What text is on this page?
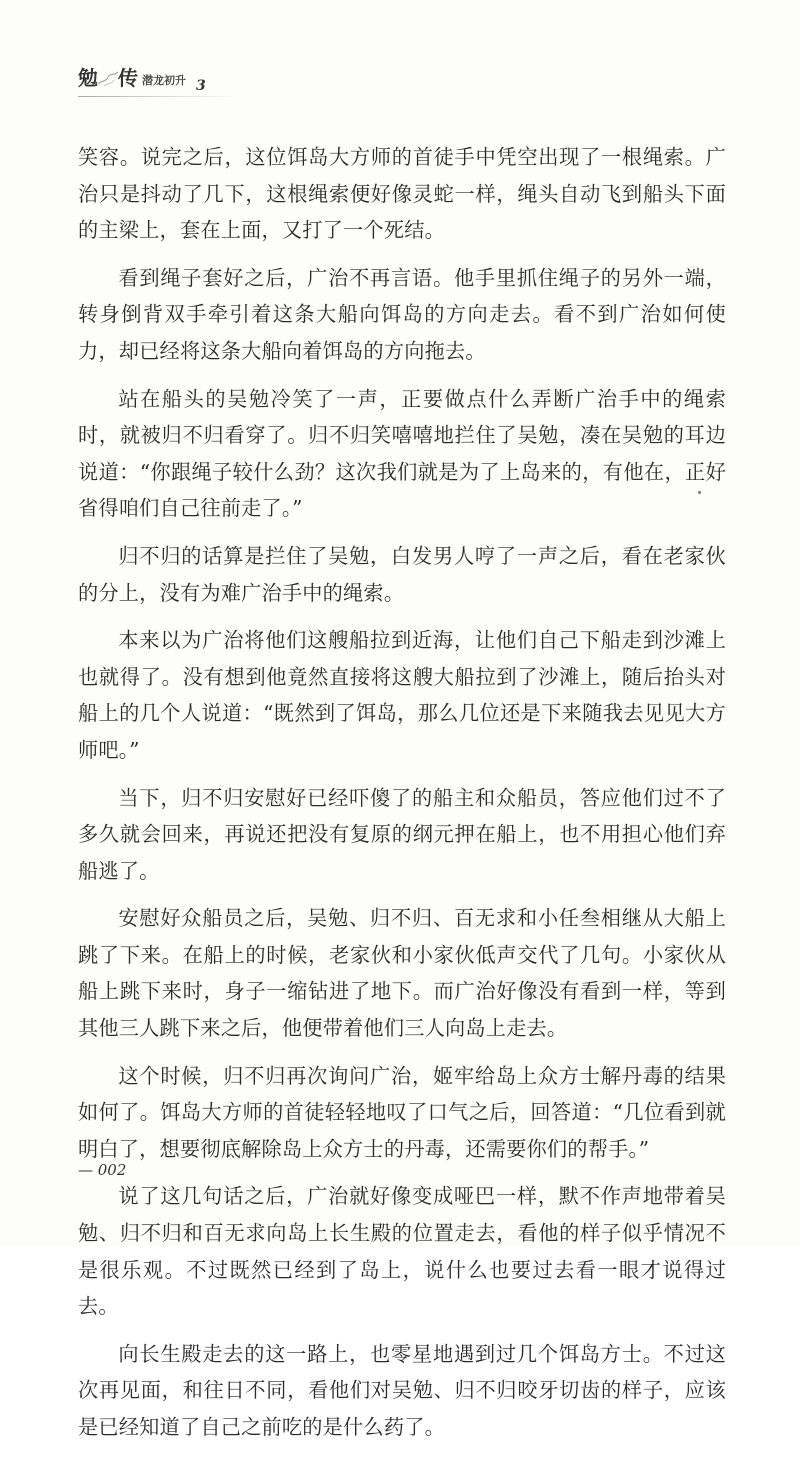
勉 传 潜龙初升 3

笑容。说完之后，这位饵岛大方师的首徒手中凭空出现了一根绳索。广治只是抖动了几下，这根绳索便好像灵蛇一样，绳头自动飞到船头下面的主梁上，套在上面，又打了一个死结。

看到绳子套好之后，广治不再言语。他手里抓住绳子的另外一端，转身倒背双手牵引着这条大船向饵岛的方向走去。看不到广治如何使力，却已经将这条大船向着饵岛的方向拖去。

站在船头的吴勉冷笑了一声，正要做点什么弄断广治手中的绳索时，就被归不归看穿了。归不归笑嘻嘻地拦住了吴勉，凑在吴勉的耳边说道：“你跟绳子较什么劲？这次我们就是为了上岛来的，有他在，正好省得咱们自己往前走了。”

归不归的话算是拦住了吴勉，白发男人哼了一声之后，看在老家伙的分上，没有为难广治手中的绳索。

本来以为广治将他们这艘船拉到近海，让他们自己下船走到沙滩上也就得了。没有想到他竟然直接将这艘大船拉到了沙滩上，随后抬头对船上的几个人说道：“既然到了饵岛，那么几位还是下来随我去见见大方师吧。”

当下，归不归安慰好已经吓傻了的船主和众船员，答应他们过不了多久就会回来，再说还把没有复原的纲元押在船上，也不用担心他们弃船逃了。

安慰好众船员之后，吴勉、归不归、百无求和小任叁相继从大船上跳了下来。在船上的时候，老家伙和小家伙低声交代了几句。小家伙从船上跳下来时，身子一缩钻进了地下。而广治好像没有看到一样，等到其他三人跳下来之后，他便带着他们三人向岛上走去。

这个时候，归不归再次询问广治，姬牢给岛上众方士解丹毒的结果如何了。饵岛大方师的首徒轻轻地叹了口气之后，回答道：“几位看到就明白了，想要彻底解除岛上众方士的丹毒，还需要你们的帮手。”

说了这几句话之后，广治就好像变成哑巴一样，默不作声地带着吴勉、归不归和百无求向岛上长生殿的位置走去，看他的样子似乎情况不是很乐观。不过既然已经到了岛上，说什么也要过去看一眼才说得过去。

向长生殿走去的这一路上，也零星地遇到过几个饵岛方士。不过这次再见面，和往日不同，看他们对吴勉、归不归咬牙切齿的样子，应该是已经知道了自己之前吃的是什么药了。

— 002
